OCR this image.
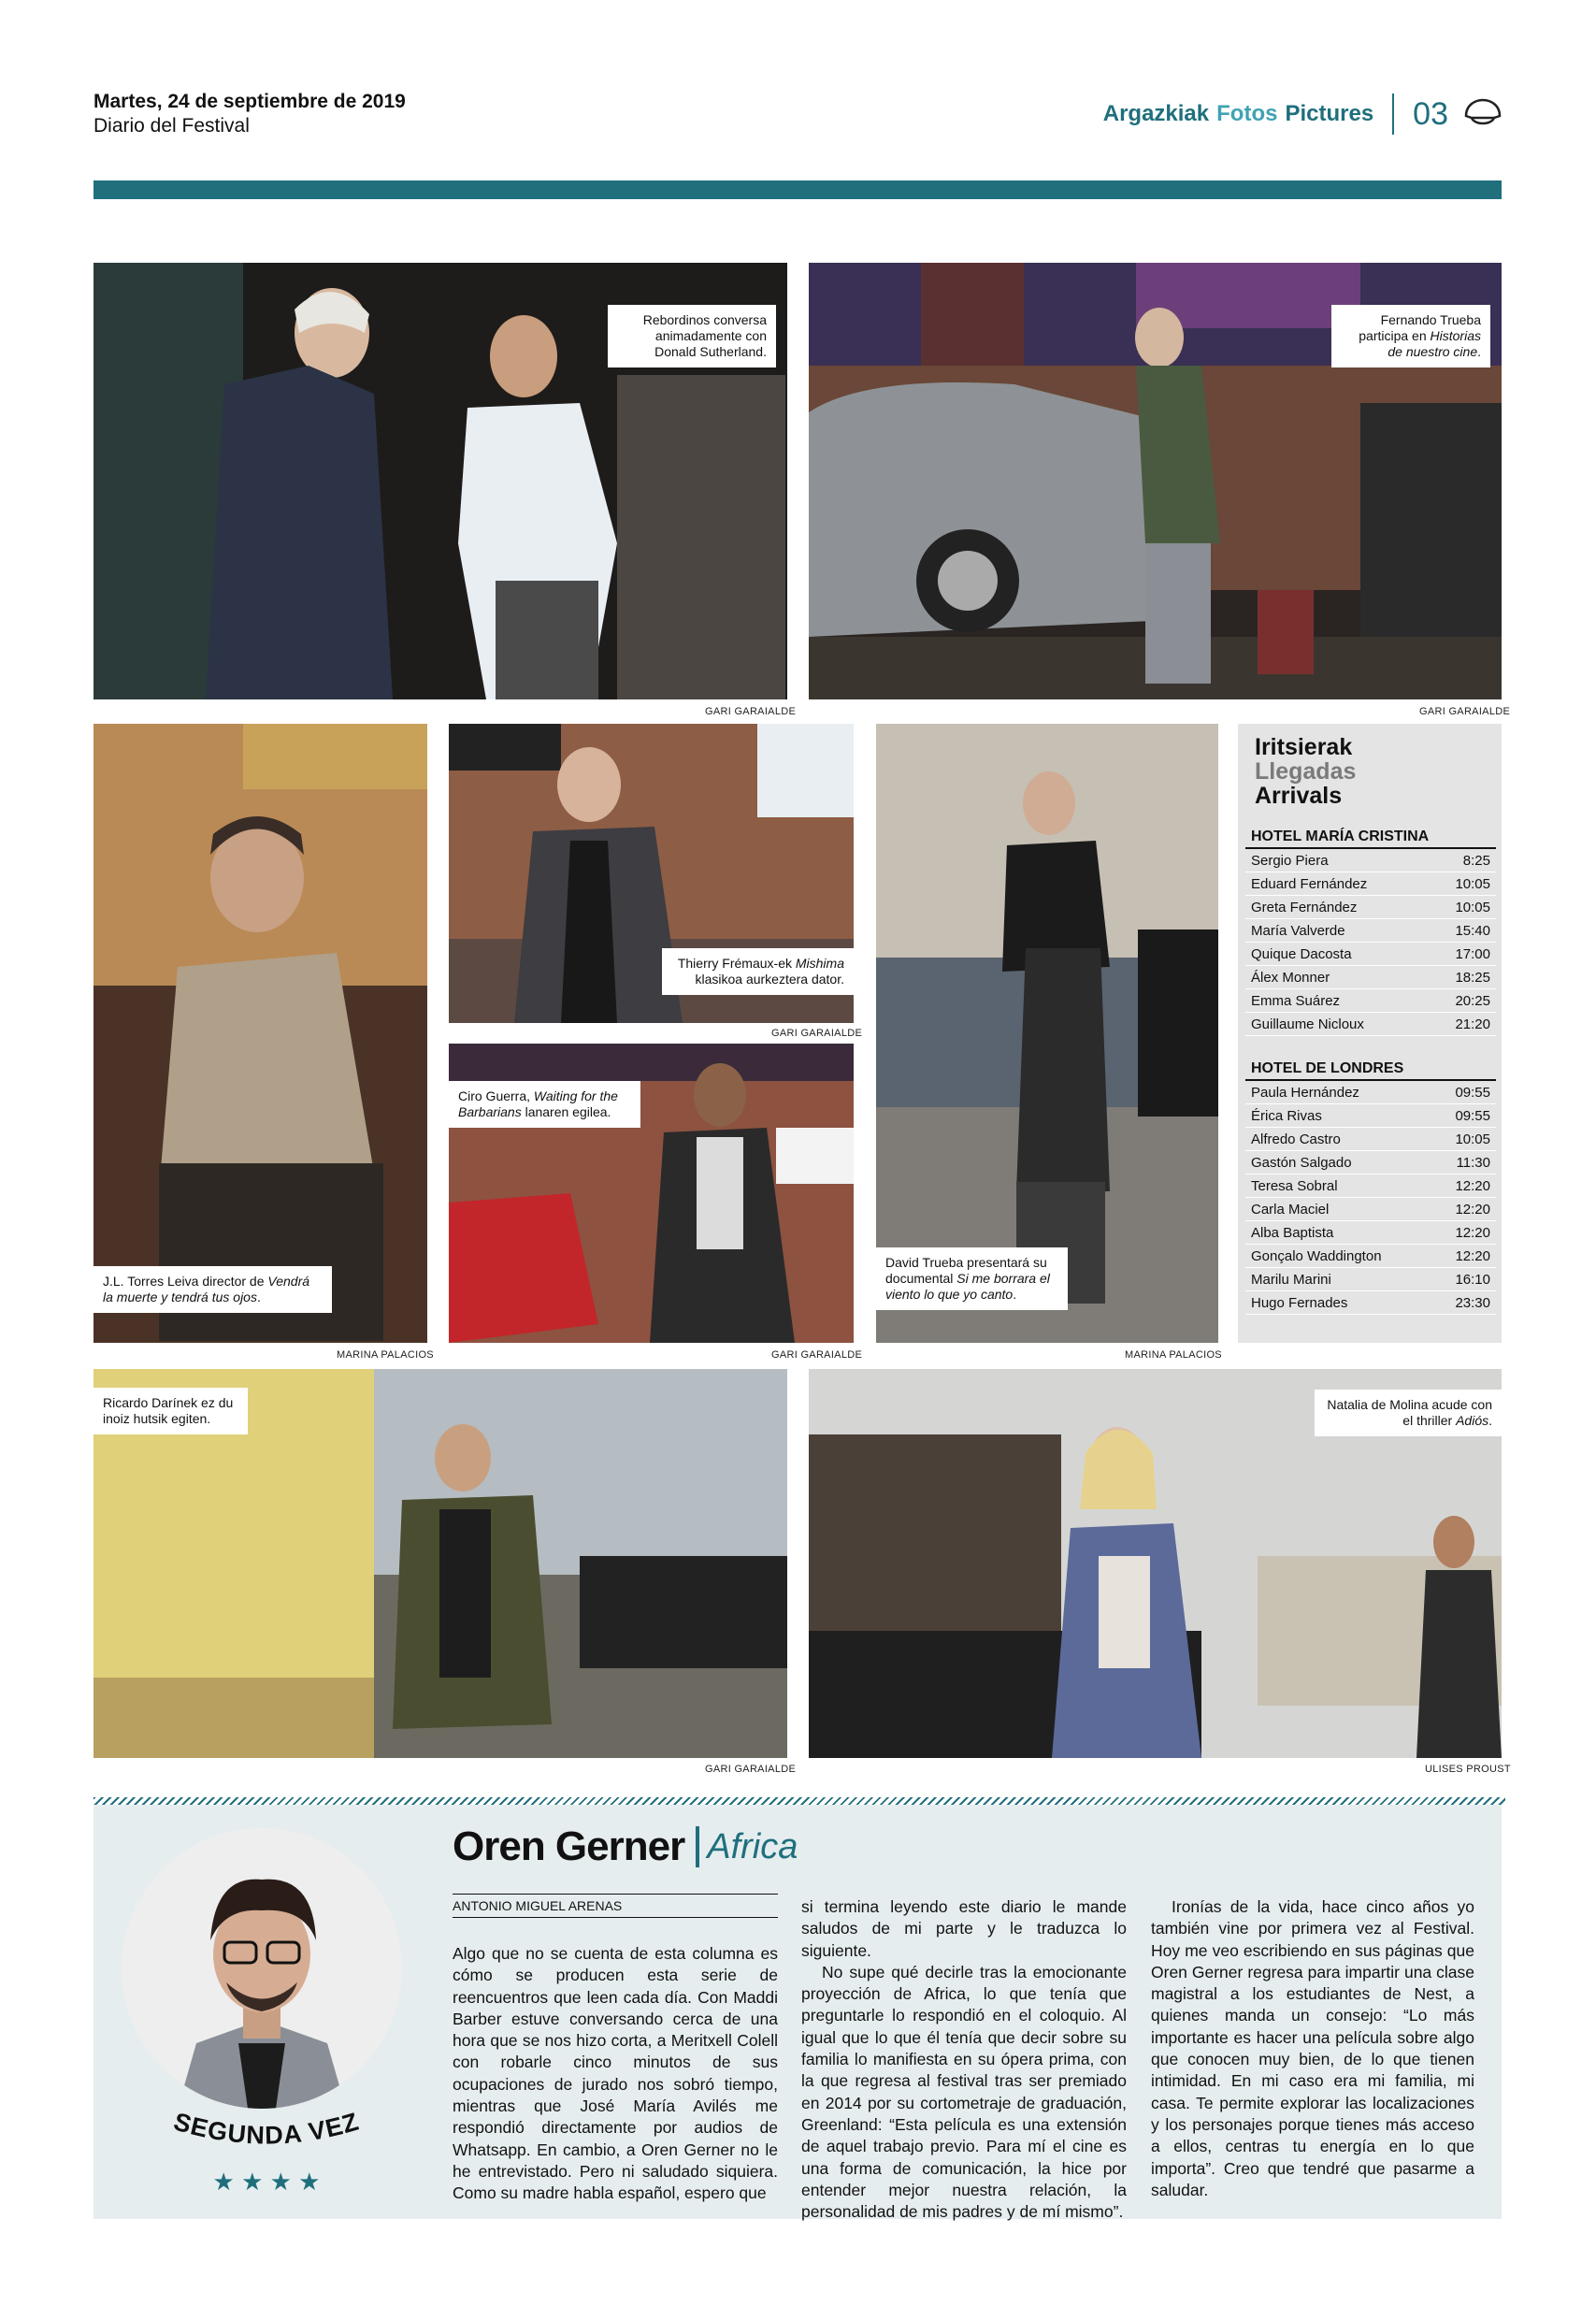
Martes, 24 de septiembre de 2019
Diario del Festival	Argazkiak Fotos Pictures 03
Rebordinos conversa animadamente con Donald Sutherland.
Fernando Trueba participa en Historias de nuestro cine.
GARI GARAIALDE	GARI GARAIALDE
J.L. Torres Leiva director de Vendrá la muerte y tendrá tus ojos.
MARINA PALACIOS
Thierry Frémaux-ek Mishima klasikoa aurkeztera dator.
GARI GARAIALDE
Ciro Guerra, Waiting for the Barbarians lanaren egilea.
GARI GARAIALDE
David Trueba presentará su documental Si me borrara el viento lo que yo canto.
MARINA PALACIOS
Iritsierak
Llegadas
Arrivals
HOTEL MARÍA CRISTINA
Sergio Piera	8:25
Eduard Fernández	10:05
Greta Fernández	10:05
María Valverde	15:40
Quique Dacosta	17:00
Álex Monner	18:25
Emma Suárez	20:25
Guillaume Nicloux	21:20
HOTEL DE LONDRES
Paula Hernández	09:55
Érica Rivas	09:55
Alfredo Castro	10:05
Gastón Salgado	11:30
Teresa Sobral	12:20
Carla Maciel	12:20
Alba Baptista	12:20
Gonçalo Waddington	12:20
Marilu Marini	16:10
Hugo Fernades	23:30
Ricardo Darínek ez du inoiz hutsik egiten.
GARI GARAIALDE
Natalia de Molina acude con el thriller Adiós.
ULISES PROUST
SEGUNDA VEZ
★ ★ ★ ★
Oren Gerner Africa
ANTONIO MIGUEL ARENAS
Algo que no se cuenta de esta columna es cómo se producen esta serie de reencuentros que leen cada día. Con Maddi Barber estuve conversando cerca de una hora que se nos hizo corta, a Meritxell Colell con robarle cinco minutos de sus ocupaciones de jurado nos sobró tiempo, mientras que José María Avilés me respondió directamente por audios de Whatsapp. En cambio, a Oren Gerner no le he entrevistado. Pero ni saludado siquiera. Como su madre habla español, espero que
si termina leyendo este diario le mande saludos de mi parte y le traduzca lo siguiente.
No supe qué decirle tras la emocionante proyección de Africa, lo que tenía que preguntarle lo respondió en el coloquio. Al igual que lo que él tenía que decir sobre su familia lo manifiesta en su ópera prima, con la que regresa al festival tras ser premiado en 2014 por su cortometraje de graduación, Greenland: “Esta película es una extensión de aquel trabajo previo. Para mí el cine es una forma de comunicación, la hice por entender mejor nuestra relación, la personalidad de mis padres y de mí mismo”.
Ironías de la vida, hace cinco años yo también vine por primera vez al Festival. Hoy me veo escribiendo en sus páginas que Oren Gerner regresa para impartir una clase magistral a los estudiantes de Nest, a quienes manda un consejo: “Lo más importante es hacer una película sobre algo que conocen muy bien, de lo que tienen intimidad. En mi caso era mi familia, mi casa. Te permite explorar las localizaciones y los personajes porque tienes más acceso a ellos, centras tu energía en lo que importa”. Creo que tendré que pasarme a saludar.
